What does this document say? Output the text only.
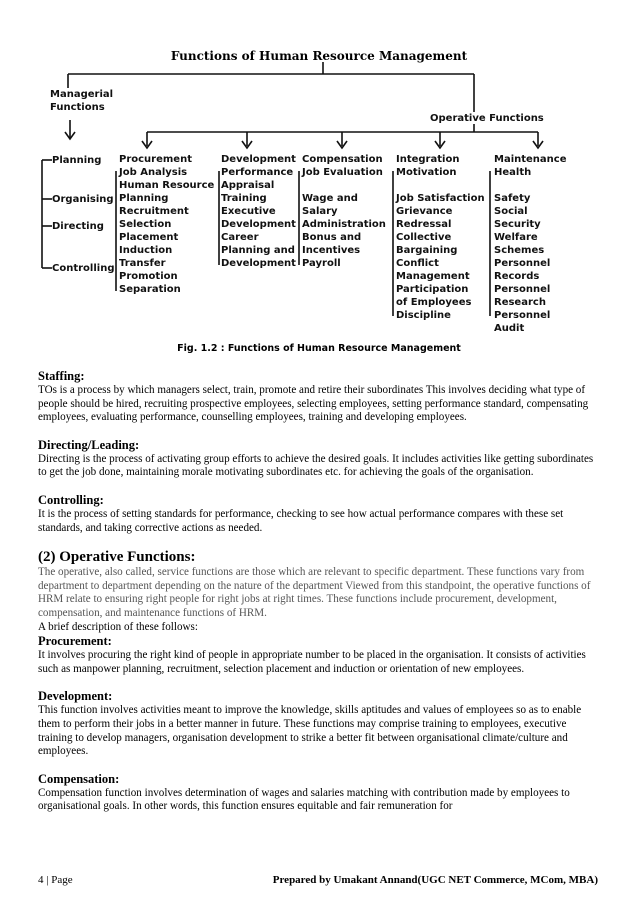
Functions of Human Resource Management
Managerial
Functions
Operative Functions
Planning
Organising
Directing
Controlling
Procurement
Job Analysis
Human Resource
Planning
Recruitment
Selection
Placement
Induction
Transfer
Promotion
Separation
Development
Performance
Appraisal
Training
Executive
Development
Career
Planning and
Development
Compensation
Job Evaluation
Wage and
Salary
Administration
Bonus and
Incentives
Payroll
Integration
Motivation
Job Satisfaction
Grievance
Redressal
Collective
Bargaining
Conflict
Management
Participation
of Employees
Discipline
Maintenance
Health
Safety
Social
Security
Welfare
Schemes
Personnel
Records
Personnel
Research
Personnel
Audit
Fig. 1.2 : Functions of Human Resource Management
Staffing:

TOs is a process by which managers select, train, promote and retire their subordinates This involves deciding what type of people should be hired, recruiting prospective employees, selecting employees, setting performance standard, compensating employees, evaluating performance, counselling employees, training and developing employees.

Directing/Leading:

Directing is the process of activating group efforts to achieve the desired goals. It includes activities like getting subordinates to get the job done, maintaining morale motivating subordinates etc. for achieving the goals of the organisation.

Controlling:

It is the process of setting standards for performance, checking to see how actual performance compares with these set standards, and taking corrective actions as needed.

(2) Operative Functions:

The operative, also called, service functions are those which are relevant to specific department. These functions vary from department to department depending on the nature of the department Viewed from this standpoint, the operative functions of HRM relate to ensuring right people for right jobs at right times. These functions include procurement, development, compensation, and maintenance functions of HRM.

A brief description of these follows:

Procurement:

It involves procuring the right kind of people in appropriate number to be placed in the organisation. It consists of activities such as manpower planning, recruitment, selection placement and induction or orientation of new employees.

Development:

This function involves activities meant to improve the knowledge, skills aptitudes and values of employees so as to enable them to perform their jobs in a better manner in future. These functions may comprise training to employees, executive training to develop managers, organisation development to strike a better fit between organisational climate/culture and employees.

Compensation:

Compensation function involves determination of wages and salaries matching with contribution made by employees to organisational goals. In other words, this function ensures equitable and fair remuneration for

4 | Page	Prepared by Umakant Annand(UGC NET Commerce, MCom, MBA)
